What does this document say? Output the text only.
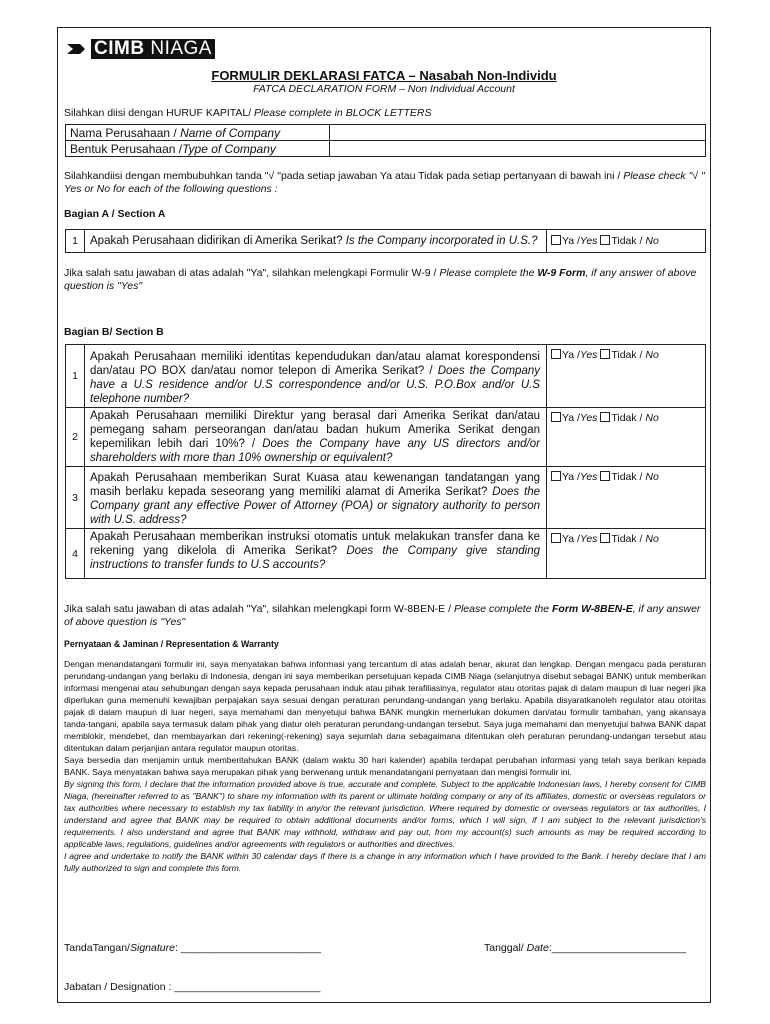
CIMB NIAGA
FORMULIR DEKLARASI FATCA – Nasabah Non-Individu
FATCA DECLARATION FORM – Non Individual Account
Silahkan diisi dengan HURUF KAPITAL/ Please complete in BLOCK LETTERS
Nama Perusahaan / Name of Company	
Bentuk Perusahaan /Type of Company	
Silahkandiisi dengan membubuhkan tanda "√ "pada setiap jawaban Ya atau Tidak pada setiap pertanyaan di bawah ini / Please check "√ " Yes or No for each of the following questions :
Bagian A / Section A
1	Apakah Perusahaan didirikan di Amerika Serikat? Is the Company incorporated in U.S.?	Ya /Yes Tidak / No
Jika salah satu jawaban di atas adalah "Ya", silahkan melengkapi Formulir W-9 / Please complete the W-9 Form, if any answer of above question is "Yes"
Bagian B/ Section B
1	Apakah Perusahaan memiliki identitas kependudukan dan/atau alamat korespondensi dan/atau PO BOX dan/atau nomor telepon di Amerika Serikat? / Does the Company have a U.S residence and/or U.S correspondence and/or U.S. P.O.Box and/or U.S telephone number?	Ya /Yes Tidak / No
2	Apakah Perusahaan memiliki Direktur yang berasal dari Amerika Serikat dan/atau pemegang saham perseorangan dan/atau badan hukum Amerika Serikat dengan kepemilikan lebih dari 10%? / Does the Company have any US directors and/or shareholders with more than 10% ownership or equivalent?	Ya /Yes Tidak / No
3	Apakah Perusahaan memberikan Surat Kuasa atau kewenangan tandatangan yang masih berlaku kepada seseorang yang memiliki alamat di Amerika Serikat? Does the Company grant any effective Power of Attorney (POA) or signatory authority to person with U.S. address?	Ya /Yes Tidak / No
4	Apakah Perusahaan memberikan instruksi otomatis untuk melakukan transfer dana ke rekening yang dikelola di Amerika Serikat? Does the Company give standing instructions to transfer funds to U.S accounts?	Ya /Yes Tidak / No
Jika salah satu jawaban di atas adalah "Ya", silahkan melengkapi form W-8BEN-E / Please complete the Form W-8BEN-E, if any answer of above question is "Yes"
Pernyataan & Jaminan / Representation & Warranty
Dengan menandatangani formulir ini, saya menyatakan bahwa informasi yang tercantum di atas adalah benar, akurat dan lengkap. Dengan mengacu pada peraturan perundang-undangan yang berlaku di Indonesia, dengan ini saya memberikan persetujuan kepada CIMB Niaga (selanjutnya disebut sebagai BANK) untuk memberikan informasi mengenai atau sehubungan dengan saya kepada perusahaan induk atau pihak terafiliasinya, regulator atau otoritas pajak di dalam maupun di luar negeri jika diperlukan guna memenuhi kewajiban perpajakan saya sesuai dengan peraturan perundang-undangan yang berlaku. Apabila disyaratkanoleh regulator atau otoritas pajak di dalam maupun di luar negeri, saya memahami dan menyetujui bahwa BANK mungkin memerlukan dokumen dan/atau formulir tambahan, yang akansaya tanda-tangani, apabila saya termasuk dalam pihak yang diatur oleh peraturan perundang-undangan tersebut. Saya juga memahami dan menyetujui bahwa BANK dapat memblokir, mendebet, dan membayarkan dari rekening(-rekening) saya sejumlah dana sebagaimana ditentukan oleh peraturan perundang-undangan tersebut atau ditentukan dalam perjanjian antara regulator maupun otoritas.
Saya bersedia dan menjamin untuk memberitahukan BANK (dalam waktu 30 hari kalender) apabila terdapat perubahan informasi yang telah saya berikan kepada BANK. Saya menyatakan bahwa saya merupakan pihak yang berwenang untuk menandatangani pernyataan dan mengisi formulir ini.
By signing this form, I declare that the information provided above is true, accurate and complete. Subject to the applicable Indonesian laws, I hereby consent for CIMB Niaga, (hereinafter referred to as "BANK") to share my information with its parent or ultimate holding company or any of its affiliates, domestic or overseas regulators or tax authorities where necessary to establish my tax liability in any/or the relevant jurisdiction. Where required by domestic or overseas regulators or tax authorities, I understand and agree that BANK may be required to obtain additional documents and/or forms, which I will sign, if I am subject to the relevant jurisdiction's requirements. I also understand and agree that BANK may withhold, withdraw and pay out, from my account(s) such amounts as may be required according to applicable laws, regulations, guidelines and/or agreements with regulators or authorities and directives.
I agree and undertake to notify the BANK within 30 calendar days if there is a change in any information which I have provided to the Bank. I hereby declare that I am fully authorized to sign and complete this form.
TandaTangan/Signature: ________________________	Tanggal/ Date:_______________________
Jabatan / Designation : _________________________
